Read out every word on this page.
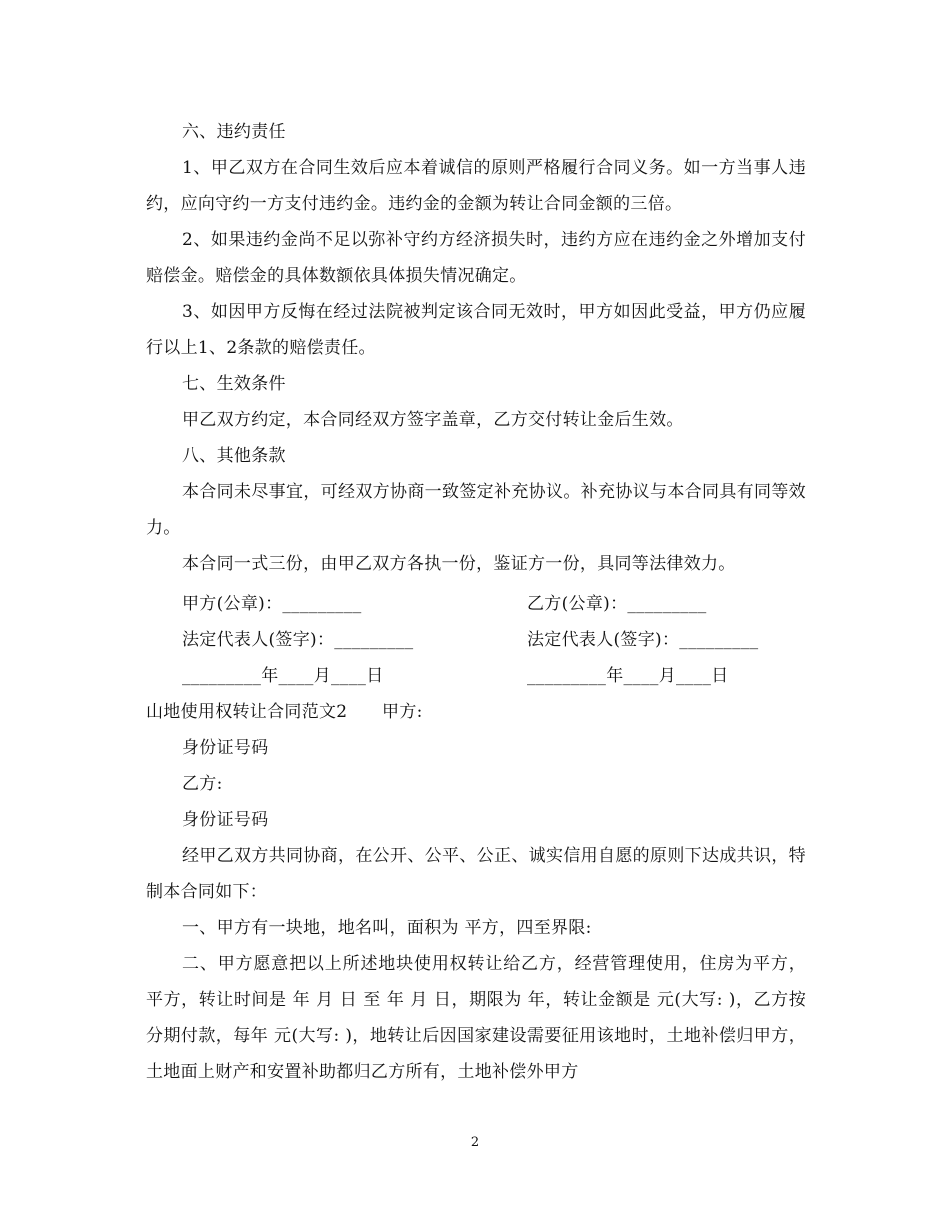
六、违约责任

1、甲乙双方在合同生效后应本着诚信的原则严格履行合同义务。如一方当事人违约，应向守约一方支付违约金。违约金的金额为转让合同金额的三倍。

2、如果违约金尚不足以弥补守约方经济损失时，违约方应在违约金之外增加支付赔偿金。赔偿金的具体数额依具体损失情况确定。

3、如因甲方反悔在经过法院被判定该合同无效时，甲方如因此受益，甲方仍应履行以上1、2条款的赔偿责任。

七、生效条件

甲乙双方约定，本合同经双方签字盖章，乙方交付转让金后生效。

八、其他条款

本合同未尽事宜，可经双方协商一致签定补充协议。补充协议与本合同具有同等效力。

本合同一式三份，由甲乙双方各执一份，鉴证方一份，具同等法律效力。

甲方(公章)：_________	乙方(公章)：_________

法定代表人(签字)：_________	法定代表人(签字)：_________

_________年____月____日	_________年____月____日

山地使用权转让合同范文2　　甲方:

身份证号码

乙方:

身份证号码

经甲乙双方共同协商，在公开、公平、公正、诚实信用自愿的原则下达成共识，特制本合同如下：

一、甲方有一块地，地名叫，面积为 平方，四至界限:

二、甲方愿意把以上所述地块使用权转让给乙方，经营管理使用，住房为平方， 平方，转让时间是 年 月 日 至 年 月 日，期限为 年，转让金额是 元(大写: )，乙方按分期付款，每年 元(大写: )，地转让后因国家建设需要征用该地时，土地补偿归甲方，土地面上财产和安置补助都归乙方所有，土地补偿外甲方

2
